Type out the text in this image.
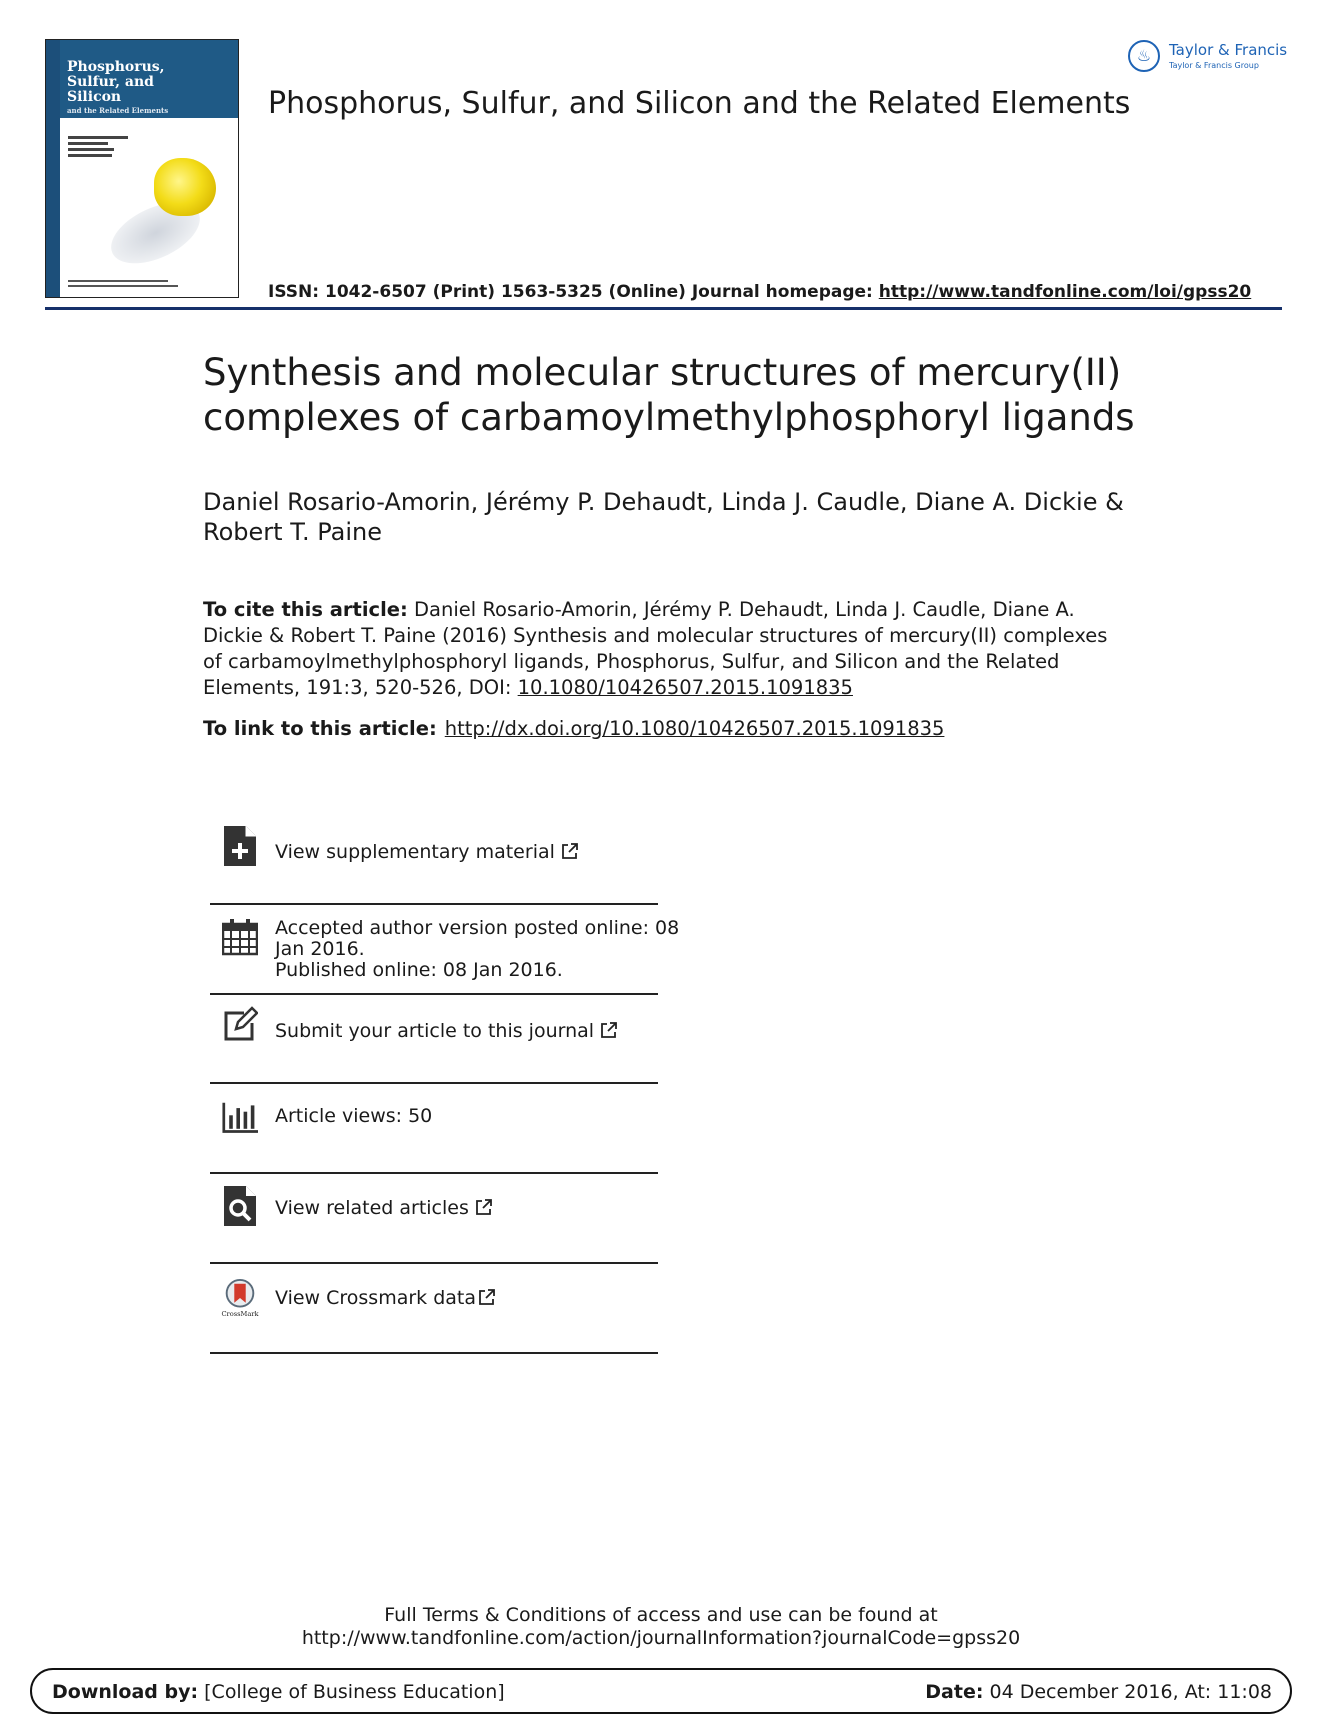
Phosphorus,
Sulfur, and
Silicon
and the Related Elements
♨	Taylor & Francis
Taylor & Francis Group
Phosphorus, Sulfur, and Silicon and the Related Elements
ISSN: 1042-6507 (Print) 1563-5325 (Online) Journal homepage: http://www.tandfonline.com/loi/gpss20
Synthesis and molecular structures of mercury(II)
complexes of carbamoylmethylphosphoryl ligands
Daniel Rosario-Amorin, Jérémy P. Dehaudt, Linda J. Caudle, Diane A. Dickie &
Robert T. Paine
To cite this article: Daniel Rosario-Amorin, Jérémy P. Dehaudt, Linda J. Caudle, Diane A.
Dickie & Robert T. Paine (2016) Synthesis and molecular structures of mercury(II) complexes
of carbamoylmethylphosphoryl ligands, Phosphorus, Sulfur, and Silicon and the Related
Elements, 191:3, 520-526, DOI: 10.1080/10426507.2015.1091835
To link to this article: http://dx.doi.org/10.1080/10426507.2015.1091835
View supplementary material
Accepted author version posted online: 08
Jan 2016.
Published online: 08 Jan 2016.
Submit your article to this journal
Article views: 50
View related articles
CrossMark
View Crossmark data
Full Terms & Conditions of access and use can be found at
http://www.tandfonline.com/action/journalInformation?journalCode=gpss20
Download by: [College of Business Education]	Date: 04 December 2016, At: 11:08
